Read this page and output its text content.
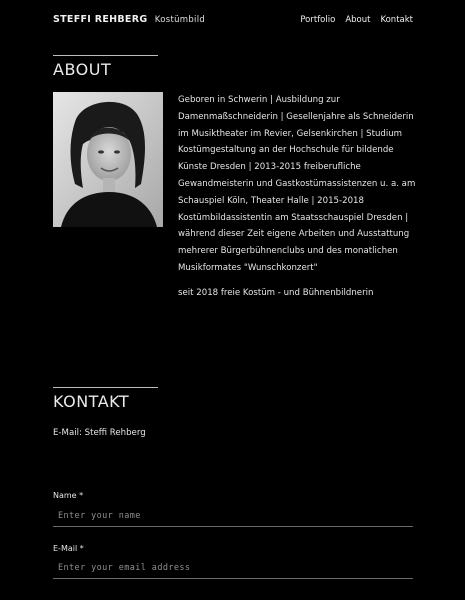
STEFFI REHBERG Kostümbild	Portfolio About Kontakt
ABOUT

Geboren in Schwerin | Ausbildung zur Damenmaßschneiderin | Gesellenjahre als Schneiderin im Musiktheater im Revier, Gelsenkirchen | Studium Kostümgestaltung an der Hochschule für bildende Künste Dresden | 2013-2015 freiberufliche Gewandmeisterin und Gastkostümassistenzen u. a. am Schauspiel Köln, Theater Halle | 2015-2018 Kostümbildassistentin am Staatsschauspiel Dresden | während dieser Zeit eigene Arbeiten und Ausstattung mehrerer Bürgerbühnenclubs und des monatlichen Musikformates "Wunschkonzert"

seit 2018 freie Kostüm - und Bühnenbildnerin

KONTAKT
E-Mail: Steffi Rehberg
Name *
Enter your name
E-Mail *
Enter your email address
